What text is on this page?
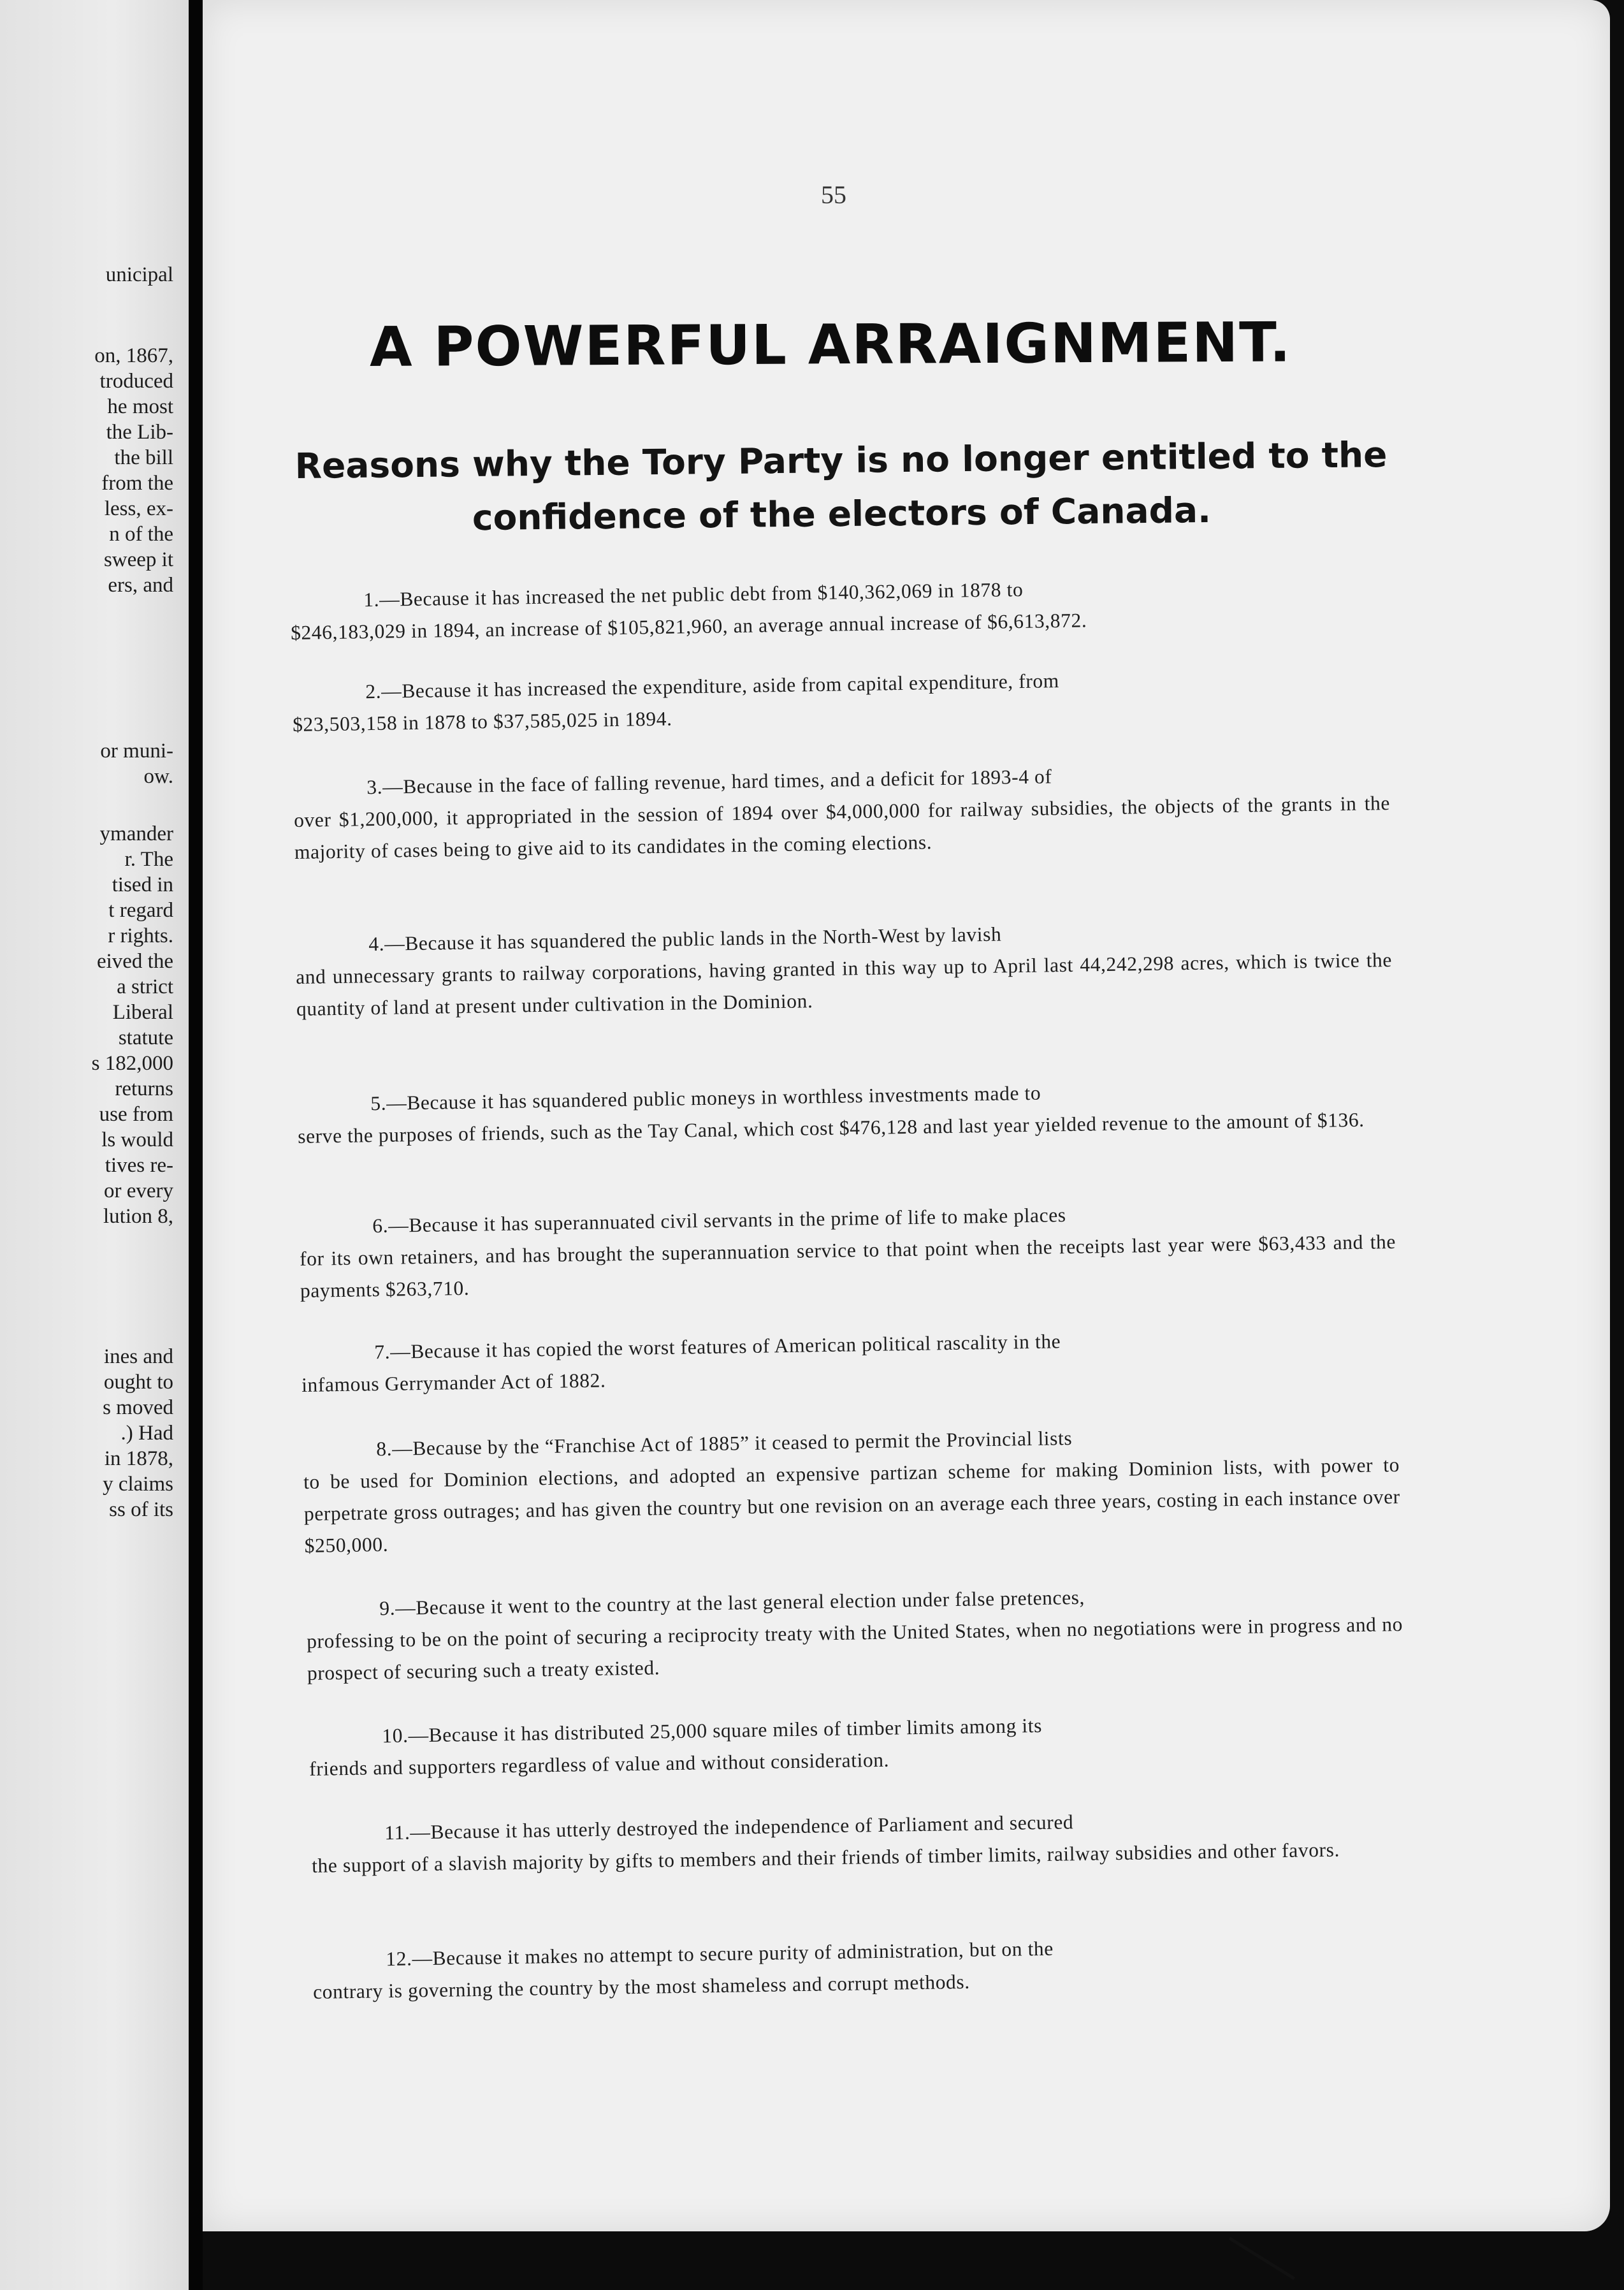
unicipal
on, 1867,
troduced
he most
the Lib-
the bill
from the
less, ex-
n of the
sweep it
ers, and
or muni-
ow.
ymander
r. The
tised in
t regard
r rights.
eived the
a strict
Liberal
statute
s 182,000
returns
use from
ls would
tives re-
or every
lution 8,
ines and
ought to
s moved
.) Had
in 1878,
y claims
ss of its
55
A POWERFUL ARRAIGNMENT.
Reasons why the Tory Party is no longer entitled to the
confidence of the electors of Canada.
1.—Because it has increased the net public debt from $140,362,069 in 1878 to
$246,183,029 in 1894, an increase of $105,821,960, an average annual increase of $6,613,872.
2.—Because it has increased the expenditure, aside from capital expenditure, from
$23,503,158 in 1878 to $37,585,025 in 1894.
3.—Because in the face of falling revenue, hard times, and a deficit for 1893-4 of
over $1,200,000, it appropriated in the session of 1894 over $4,000,000 for railway subsidies, the objects of the grants in the majority of cases being to give aid to its candidates in the coming elections.
4.—Because it has squandered the public lands in the North-West by lavish
and unnecessary grants to railway corporations, having granted in this way up to April last 44,242,298 acres, which is twice the quantity of land at present under cultivation in the Dominion.
5.—Because it has squandered public moneys in worthless investments made to
serve the purposes of friends, such as the Tay Canal, which cost $476,128 and last year yielded revenue to the amount of $136.
6.—Because it has superannuated civil servants in the prime of life to make places
for its own retainers, and has brought the superannuation service to that point when the receipts last year were $63,433 and the payments $263,710.
7.—Because it has copied the worst features of American political rascality in the
infamous Gerrymander Act of 1882.
8.—Because by the “Franchise Act of 1885” it ceased to permit the Provincial lists
to be used for Dominion elections, and adopted an expensive partizan scheme for making Dominion lists, with power to perpetrate gross outrages; and has given the country but one revision on an average each three years, costing in each instance over $250,000.
9.—Because it went to the country at the last general election under false pretences,
professing to be on the point of securing a reciprocity treaty with the United States, when no negotiations were in progress and no prospect of securing such a treaty existed.
10.—Because it has distributed 25,000 square miles of timber limits among its
friends and supporters regardless of value and without consideration.
11.—Because it has utterly destroyed the independence of Parliament and secured
the support of a slavish majority by gifts to members and their friends of timber limits, railway subsidies and other favors.
12.—Because it makes no attempt to secure purity of administration, but on the
contrary is governing the country by the most shameless and corrupt methods.
